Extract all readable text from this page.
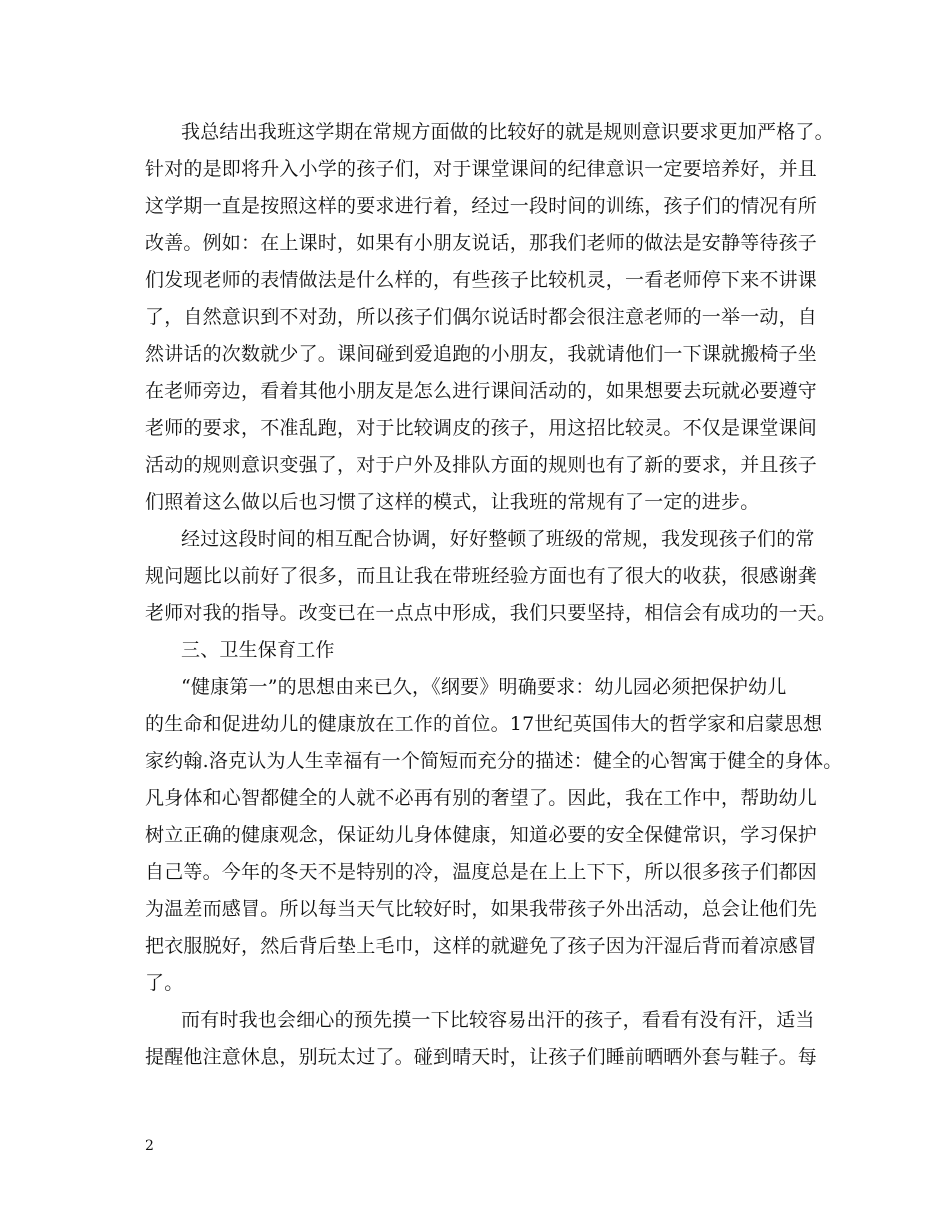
我总结出我班这学期在常规方面做的比较好的就是规则意识要求更加严格了。
针对的是即将升入小学的孩子们，对于课堂课间的纪律意识一定要培养好，并且
这学期一直是按照这样的要求进行着，经过一段时间的训练，孩子们的情况有所
改善。例如：在上课时，如果有小朋友说话，那我们老师的做法是安静等待孩子
们发现老师的表情做法是什么样的，有些孩子比较机灵，一看老师停下来不讲课
了，自然意识到不对劲，所以孩子们偶尔说话时都会很注意老师的一举一动，自
然讲话的次数就少了。课间碰到爱追跑的小朋友，我就请他们一下课就搬椅子坐
在老师旁边，看着其他小朋友是怎么进行课间活动的，如果想要去玩就必要遵守
老师的要求，不准乱跑，对于比较调皮的孩子，用这招比较灵。不仅是课堂课间
活动的规则意识变强了，对于户外及排队方面的规则也有了新的要求，并且孩子
们照着这么做以后也习惯了这样的模式，让我班的常规有了一定的进步。
经过这段时间的相互配合协调，好好整顿了班级的常规，我发现孩子们的常
规问题比以前好了很多，而且让我在带班经验方面也有了很大的收获，很感谢龚
老师对我的指导。改变已在一点点中形成，我们只要坚持，相信会有成功的一天。
三、卫生保育工作
“健康第一”的思想由来已久，《纲要》明确要求：幼儿园必须把保护幼儿
的生命和促进幼儿的健康放在工作的首位。17世纪英国伟大的哲学家和启蒙思想
家约翰.洛克认为人生幸福有一个简短而充分的描述：健全的心智寓于健全的身体。
凡身体和心智都健全的人就不必再有别的奢望了。因此，我在工作中，帮助幼儿
树立正确的健康观念，保证幼儿身体健康，知道必要的安全保健常识，学习保护
自己等。今年的冬天不是特别的冷，温度总是在上上下下，所以很多孩子们都因
为温差而感冒。所以每当天气比较好时，如果我带孩子外出活动，总会让他们先
把衣服脱好，然后背后垫上毛巾，这样的就避免了孩子因为汗湿后背而着凉感冒
了。
而有时我也会细心的预先摸一下比较容易出汗的孩子，看看有没有汗，适当
提醒他注意休息，别玩太过了。碰到晴天时，让孩子们睡前晒晒外套与鞋子。每
2
